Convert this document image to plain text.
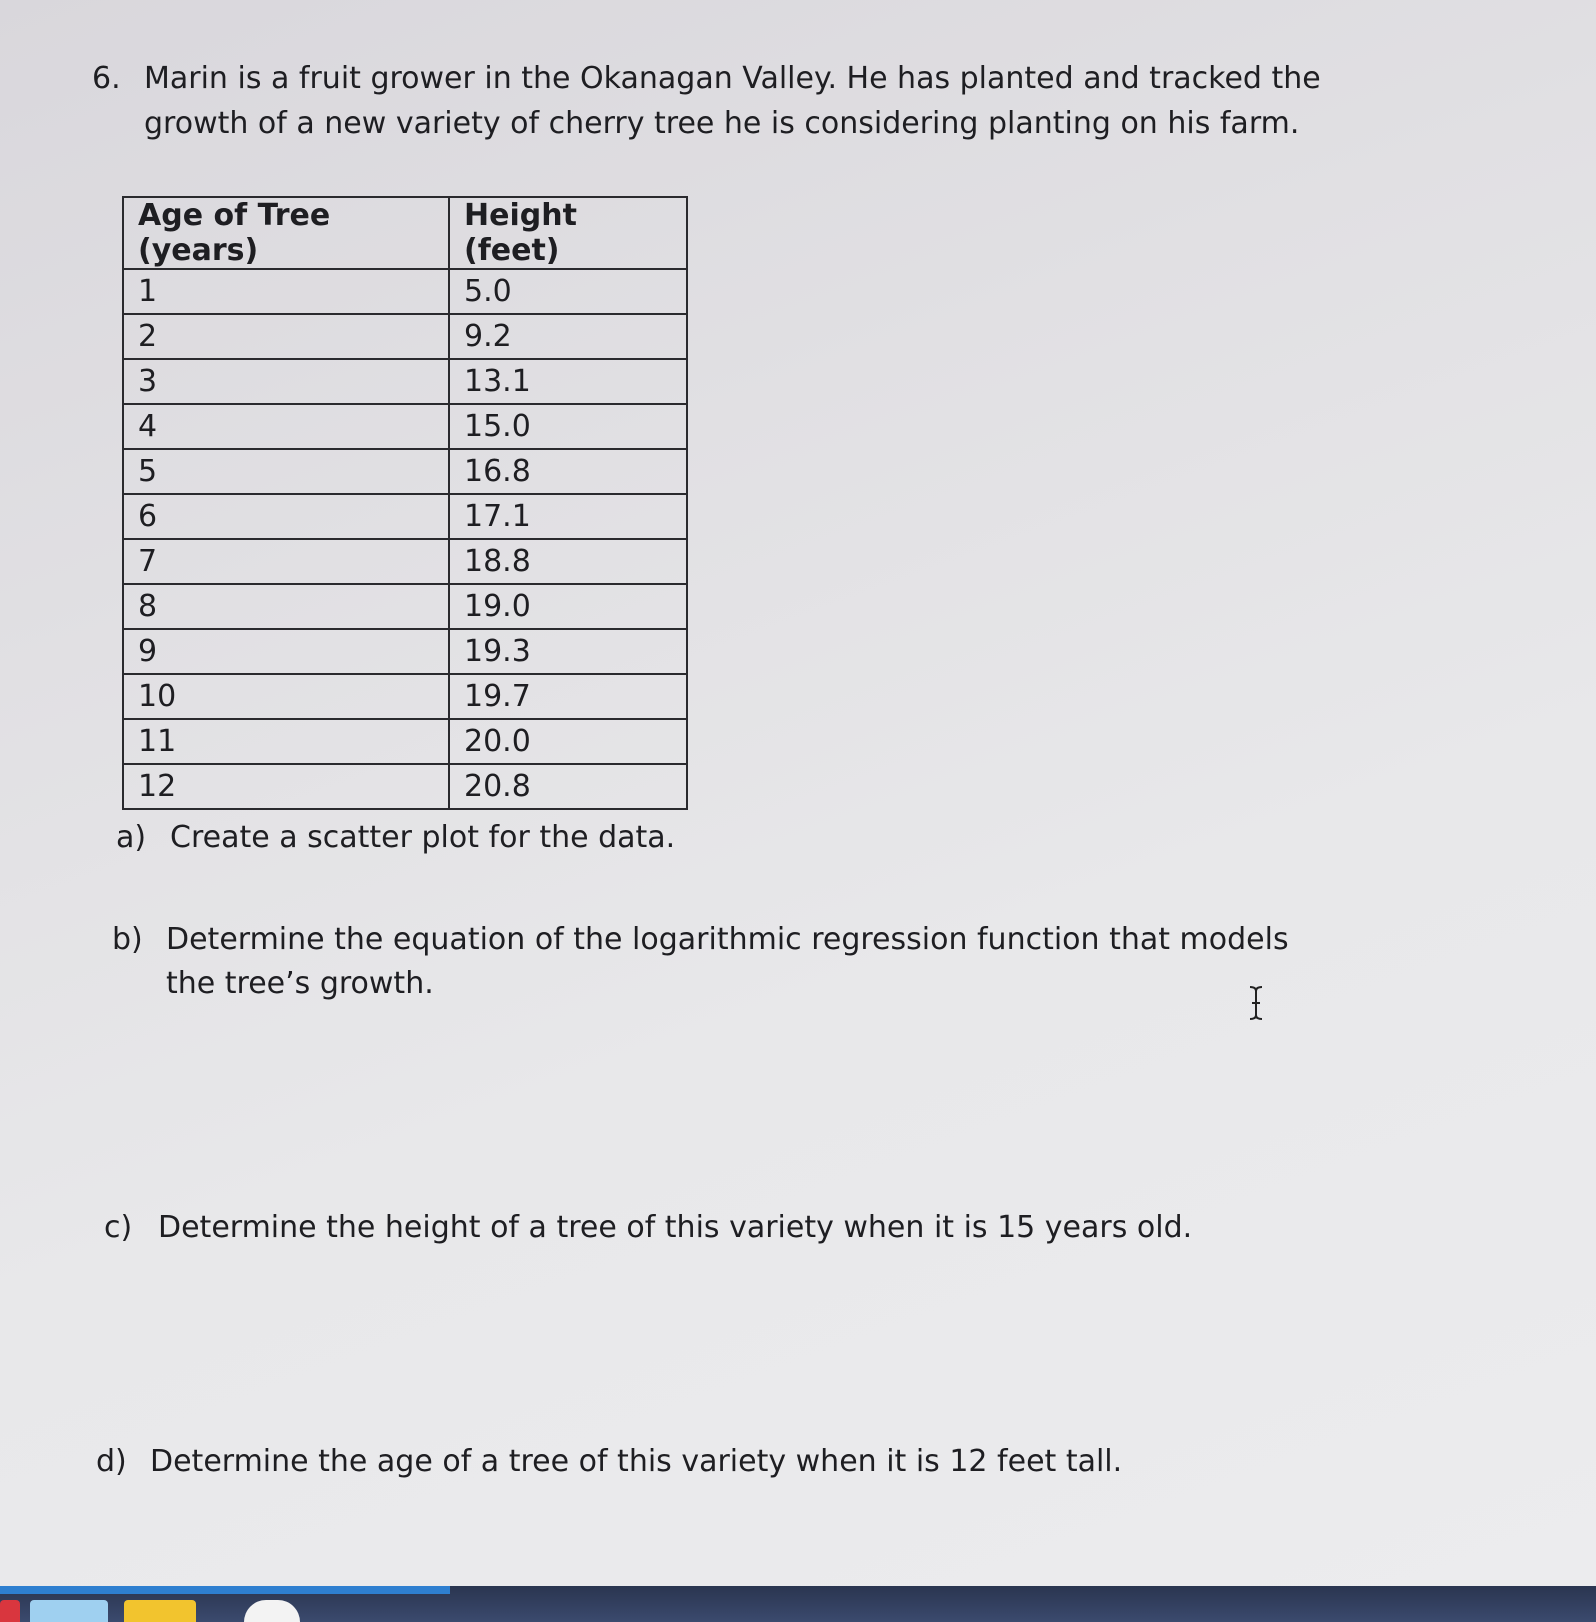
6. Marin is a fruit grower in the Okanagan Valley. He has planted and tracked the growth of a new variety of cherry tree he is considering planting on his farm.
Age of Tree (years)	Height (feet)
1	5.0
2	9.2
3	13.1
4	15.0
5	16.8
6	17.1
7	18.8
8	19.0
9	19.3
10	19.7
11	20.0
12	20.8
a) Create a scatter plot for the data.
b) Determine the equation of the logarithmic regression function that models the tree’s growth.
c) Determine the height of a tree of this variety when it is 15 years old.
d) Determine the age of a tree of this variety when it is 12 feet tall.
